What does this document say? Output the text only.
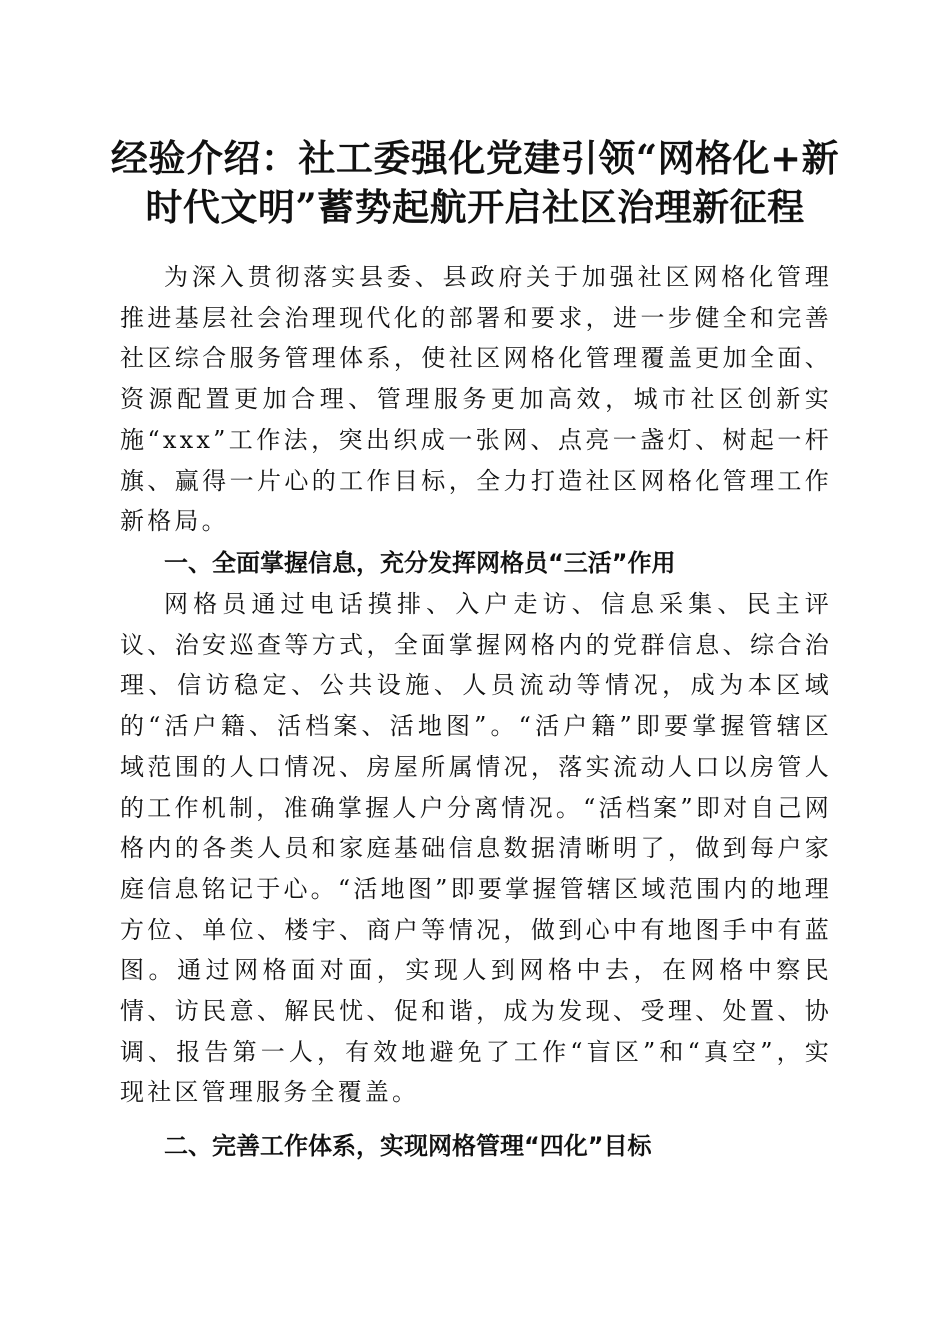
经验介绍：社工委强化党建引领“网格化+新
时代文明”蓄势起航开启社区治理新征程

为深入贯彻落实县委、县政府关于加强社区网格化管理推进基层社会治理现代化的部署和要求，进一步健全和完善社区综合服务管理体系，使社区网格化管理覆盖更加全面、资源配置更加合理、管理服务更加高效，城市社区创新实施“xxx”工作法，突出织成一张网、点亮一盏灯、树起一杆旗、赢得一片心的工作目标，全力打造社区网格化管理工作新格局。

一、全面掌握信息，充分发挥网格员“三活”作用

网格员通过电话摸排、入户走访、信息采集、民主评议、治安巡查等方式，全面掌握网格内的党群信息、综合治理、信访稳定、公共设施、人员流动等情况，成为本区域的“活户籍、活档案、活地图”。“活户籍”即要掌握管辖区域范围的人口情况、房屋所属情况，落实流动人口以房管人的工作机制，准确掌握人户分离情况。“活档案”即对自己网格内的各类人员和家庭基础信息数据清晰明了，做到每户家庭信息铭记于心。“活地图”即要掌握管辖区域范围内的地理方位、单位、楼宇、商户等情况，做到心中有地图手中有蓝图。通过网格面对面，实现人到网格中去，在网格中察民情、访民意、解民忧、促和谐，成为发现、受理、处置、协调、报告第一人，有效地避免了工作“盲区”和“真空”，实现社区管理服务全覆盖。

二、完善工作体系，实现网格管理“四化”目标
